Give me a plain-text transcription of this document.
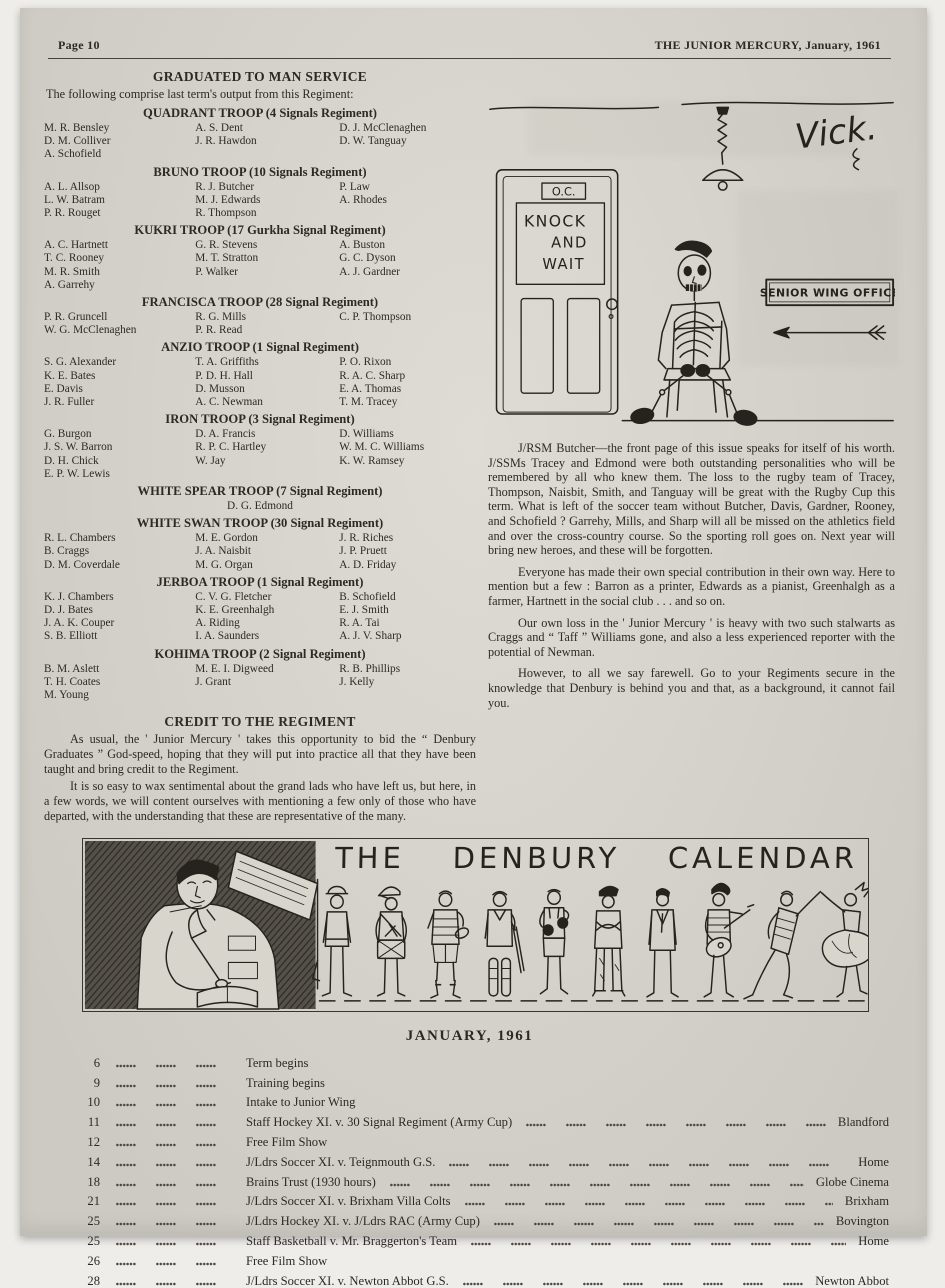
Page 10	THE JUNIOR MERCURY, January, 1961
GRADUATED TO MAN SERVICE

The following comprise last term's output from this Regiment:

QUADRANT TROOP (4 Signals Regiment)
M. R. Bensley	A. S. Dent	D. J. McClenaghen
D. M. Colliver	J. R. Hawdon	D. W. Tanguay
A. Schofield
BRUNO TROOP (10 Signals Regiment)
A. L. Allsop	R. J. Butcher	P. Law
L. W. Batram	M. J. Edwards	A. Rhodes
P. R. Rouget	R. Thompson
KUKRI TROOP (17 Gurkha Signal Regiment)
A. C. Hartnett	G. R. Stevens	A. Buston
T. C. Rooney	M. T. Stratton	G. C. Dyson
M. R. Smith	P. Walker	A. J. Gardner
A. Garrehy
FRANCISCA TROOP (28 Signal Regiment)
P. R. Gruncell	R. G. Mills	C. P. Thompson
W. G. McClenaghen	P. R. Read
ANZIO TROOP (1 Signal Regiment)
S. G. Alexander	T. A. Griffiths	P. O. Rixon
K. E. Bates	P. D. H. Hall	R. A. C. Sharp
E. Davis	D. Musson	E. A. Thomas
J. R. Fuller	A. C. Newman	T. M. Tracey
IRON TROOP (3 Signal Regiment)
G. Burgon	D. A. Francis	D. Williams
J. S. W. Barron	R. P. C. Hartley	W. M. C. Williams
D. H. Chick	W. Jay	K. W. Ramsey
E. P. W. Lewis
WHITE SPEAR TROOP (7 Signal Regiment)
D. G. Edmond
WHITE SWAN TROOP (30 Signal Regiment)
R. L. Chambers	M. E. Gordon	J. R. Riches
B. Craggs	J. A. Naisbit	J. P. Pruett
D. M. Coverdale	M. G. Organ	A. D. Friday
JERBOA TROOP (1 Signal Regiment)
K. J. Chambers	C. V. G. Fletcher	B. Schofield
D. J. Bates	K. E. Greenhalgh	E. J. Smith
J. A. K. Couper	A. Riding	R. A. Tai
S. B. Elliott	I. A. Saunders	A. J. V. Sharp
KOHIMA TROOP (2 Signal Regiment)
B. M. Aslett	M. E. I. Digweed	R. B. Phillips
T. H. Coates	J. Grant	J. Kelly
M. Young
CREDIT TO THE REGIMENT

As usual, the ' Junior Mercury ' takes this opportunity to bid the “ Denbury Graduates ” God-speed, hoping that they will put into practice all that they have been taught and bring credit to the Regiment.

It is so easy to wax sentimental about the grand lads who have left us, but here, in a few words, we will content ourselves with mentioning a few only of those who have departed, with the understanding that these are representative of the many.

Vick.
O.C.
KNOCK
AND
WAIT
SENIOR WING OFFICE

J/RSM Butcher—the front page of this issue speaks for itself of his worth. J/SSMs Tracey and Edmond were both outstanding personalities who will be remembered by all who knew them. The loss to the rugby team of Tracey, Thompson, Naisbit, Smith, and Tanguay will be great with the Rugby Cup this term. What is left of the soccer team without Butcher, Davis, Gardner, Rooney, and Schofield ? Garrehy, Mills, and Sharp will all be missed on the athletics field and over the cross-country course. So the sporting roll goes on. Next year will bring new heroes, and these will be forgotten.

Everyone has made their own special contribution in their own way. Here to mention but a few : Barron as a printer, Edwards as a pianist, Greenhalgh as a farmer, Hartnett in the social club . . . and so on.

Our own loss in the ' Junior Mercury ' is heavy with two such stalwarts as Craggs and “ Taff ” Williams gone, and also a less experienced reporter with the potential of Newman.

However, to all we say farewell. Go to your Regiments secure in the knowledge that Denbury is behind you and that, as a background, it cannot fail you.

THE DENBURY CALENDAR
JANUARY, 1961
6	Term begins
9	Training begins
10	Intake to Junior Wing
11	Staff Hockey XI. v. 30 Signal Regiment (Army Cup)	Blandford
12	Free Film Show
14	J/Ldrs Soccer XI. v. Teignmouth G.S.	Home
18	Brains Trust (1930 hours)	Globe Cinema
21	J/Ldrs Soccer XI. v. Brixham Villa Colts	Brixham
25	J/Ldrs Hockey XI. v. J/Ldrs RAC (Army Cup)	Bovington
25	Staff Basketball v. Mr. Braggerton's Team	Home
26	Free Film Show
28	J/Ldrs Soccer XI. v. Newton Abbot G.S.	Newton Abbot
